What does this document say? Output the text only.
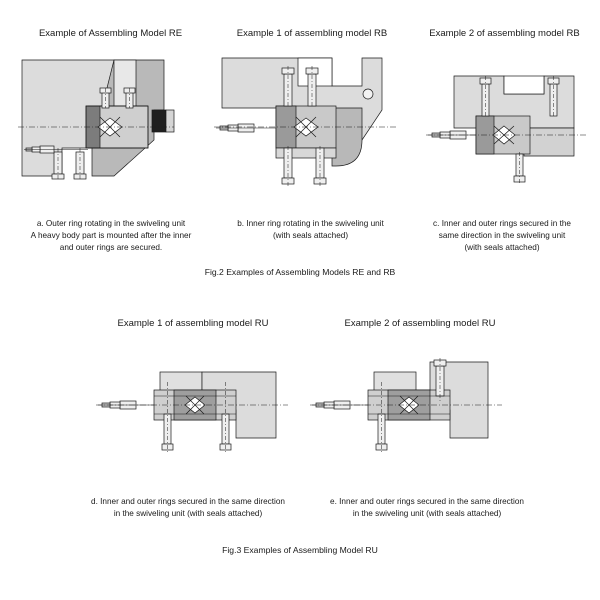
Example of Assembling Model RE
a. Outer ring rotating in the swiveling unit
A heavy body part is mounted after the inner
and outer rings are secured.
Example 1 of assembling model RB
b. Inner ring rotating in the swiveling unit
(with seals attached)
Example 2 of assembling model RB
c. Inner and outer rings secured in the
same direction in the swiveling unit
(with seals attached)
Fig.2 Examples of Assembling Models RE and RB
Example 1 of assembling model RU
d. Inner and outer rings secured in the same direction
in the swiveling unit (with seals attached)
Example 2 of assembling model RU
e. Inner and outer rings secured in the same direction
in the swiveling unit (with seals attached)
Fig.3 Examples of Assembling Model RU
